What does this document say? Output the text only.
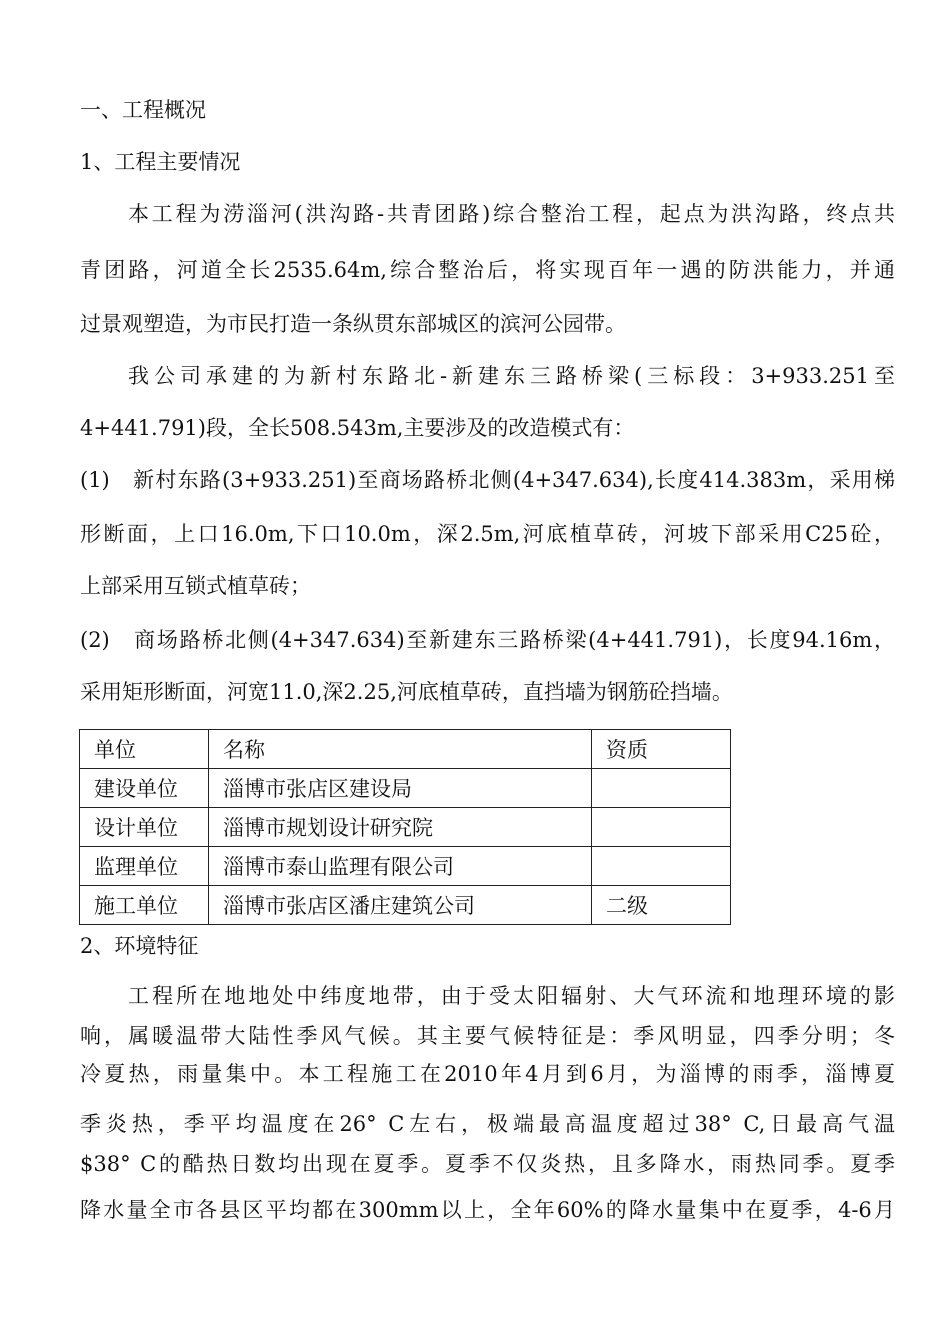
一、工程概况
1、工程主要情况
本工程为涝淄河(洪沟路-共青团路)综合整治工程，起点为洪沟路，终点共
青团路，河道全长2535.64m,综合整治后，将实现百年一遇的防洪能力，并通
过景观塑造，为市民打造一条纵贯东部城区的滨河公园带。
我公司承建的为新村东路北-新建东三路桥梁(三标段：3+933.251至
4+441.791)段，全长508.543m,主要涉及的改造模式有：
(1)　新村东路(3+933.251)至商场路桥北侧(4+347.634),长度414.383m，采用梯
形断面，上口16.0m,下口10.0m，深2.5m,河底植草砖，河坡下部采用C25砼，
上部采用互锁式植草砖；
(2)　商场路桥北侧(4+347.634)至新建东三路桥梁(4+441.791)，长度94.16m，
采用矩形断面，河宽11.0,深2.25,河底植草砖，直挡墙为钢筋砼挡墙。
单位	名称	资质
建设单位	淄博市张店区建设局	
设计单位	淄博市规划设计研究院	
监理单位	淄博市泰山监理有限公司	
施工单位	淄博市张店区潘庄建筑公司	二级
2、环境特征
工程所在地地处中纬度地带，由于受太阳辐射、大气环流和地理环境的影
响，属暖温带大陆性季风气候。其主要气候特征是：季风明显，四季分明；冬
冷夏热，雨量集中。本工程施工在2010年4月到6月，为淄博的雨季，淄博夏
季炎热，季平均温度在26° C左右，极端最高温度超过38° C,日最高气温
$38° C的酷热日数均出现在夏季。夏季不仅炎热，且多降水，雨热同季。夏季
降水量全市各县区平均都在300mm以上，全年60%的降水量集中在夏季，4-6月
